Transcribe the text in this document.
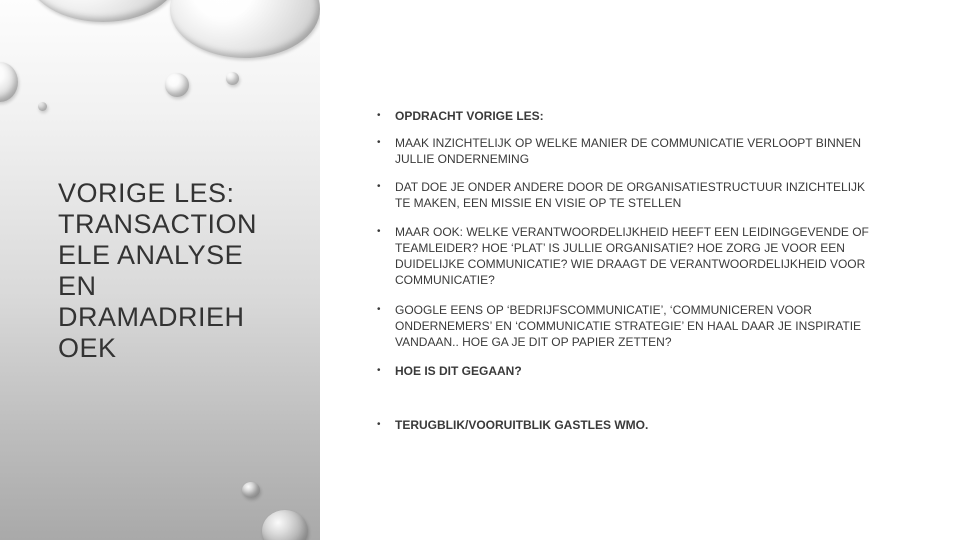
VORIGE LES:
TRANSACTION
ELE ANALYSE
EN
DRAMADRIEH
OEK
• OPDRACHT VORIGE LES:
• MAAK INZICHTELIJK OP WELKE MANIER DE COMMUNICATIE VERLOOPT BINNEN JULLIE ONDERNEMING
• DAT DOE JE ONDER ANDERE DOOR DE ORGANISATIESTRUCTUUR INZICHTELIJK TE MAKEN, EEN MISSIE EN VISIE OP TE STELLEN
• MAAR OOK: WELKE VERANTWOORDELIJKHEID HEEFT EEN LEIDINGGEVENDE OF TEAMLEIDER? HOE ‘PLAT’ IS JULLIE ORGANISATIE? HOE ZORG JE VOOR EEN DUIDELIJKE COMMUNICATIE? WIE DRAAGT DE VERANTWOORDELIJKHEID VOOR COMMUNICATIE?
• GOOGLE EENS OP ‘BEDRIJFSCOMMUNICATIE’, ‘COMMUNICEREN VOOR ONDERNEMERS’ EN ‘COMMUNICATIE STRATEGIE’ EN HAAL DAAR JE INSPIRATIE VANDAAN.. HOE GA JE DIT OP PAPIER ZETTEN?
• HOE IS DIT GEGAAN?
• TERUGBLIK/VOORUITBLIK GASTLES WMO.
